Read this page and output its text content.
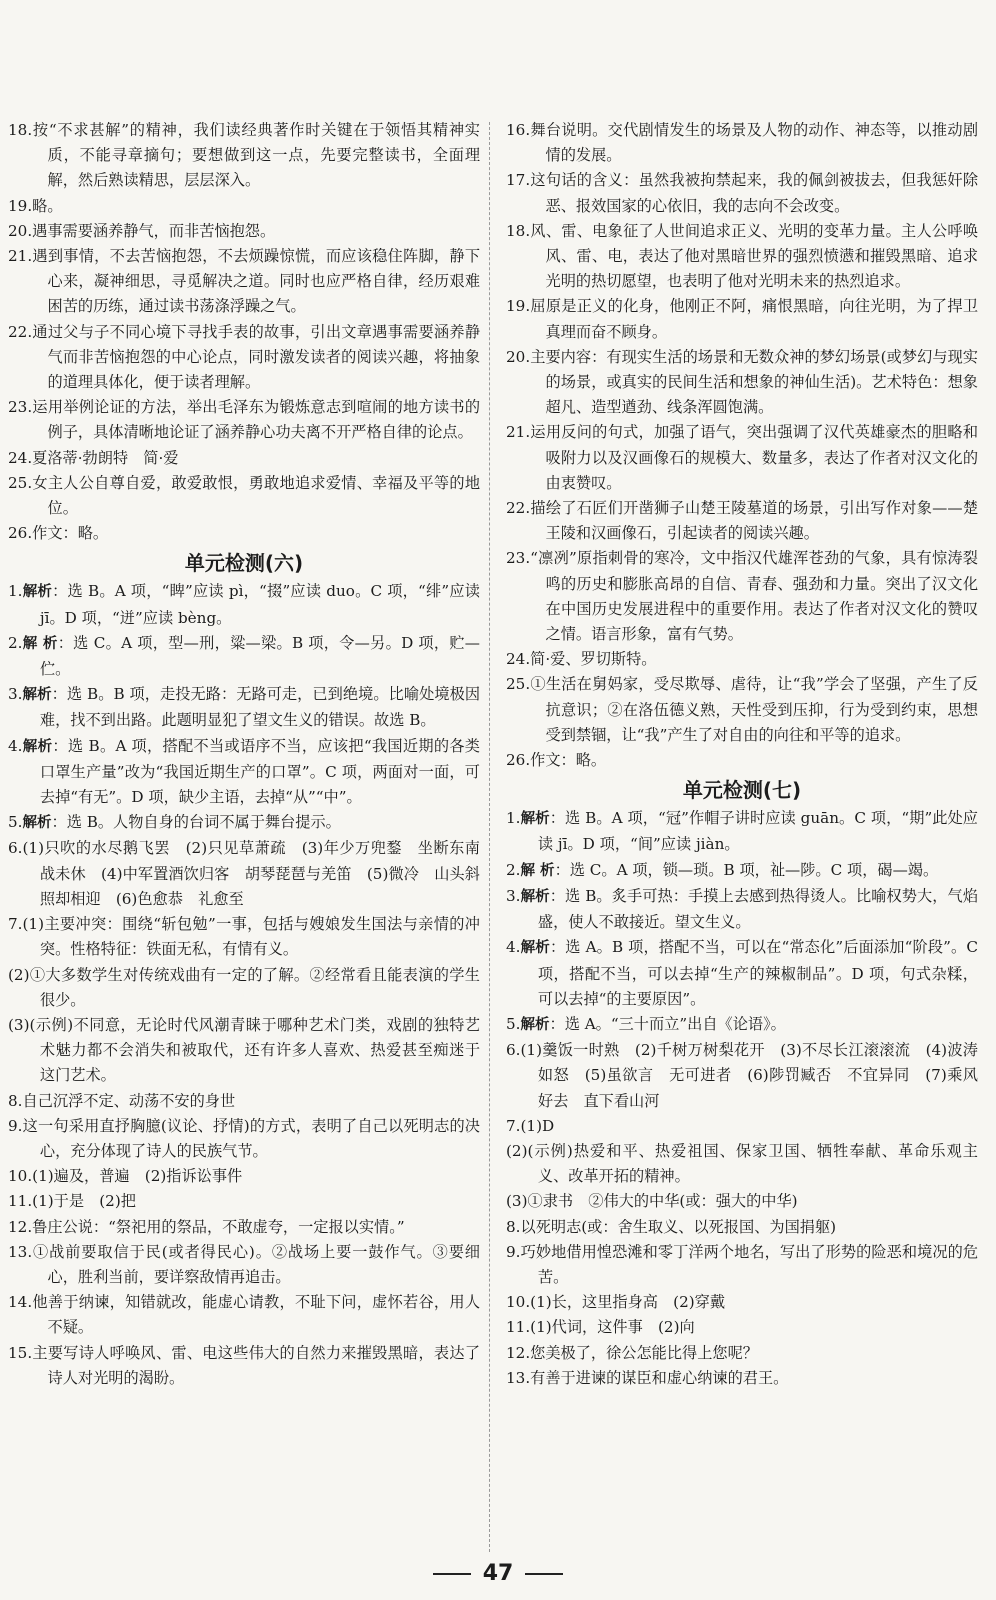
18.按“不求甚解”的精神，我们读经典著作时关键在于领悟其精神实质，不能寻章摘句；要想做到这一点，先要完整读书，全面理解，然后熟读精思，层层深入。

19.略。

20.遇事需要涵养静气，而非苦恼抱怨。

21.遇到事情，不去苦恼抱怨，不去烦躁惊慌，而应该稳住阵脚，静下心来，凝神细思，寻觅解决之道。同时也应严格自律，经历艰难困苦的历练，通过读书荡涤浮躁之气。

22.通过父与子不同心境下寻找手表的故事，引出文章遇事需要涵养静气而非苦恼抱怨的中心论点，同时激发读者的阅读兴趣，将抽象的道理具体化，便于读者理解。

23.运用举例论证的方法，举出毛泽东为锻炼意志到喧闹的地方读书的例子，具体清晰地论证了涵养静心功夫离不开严格自律的论点。

24.夏洛蒂·勃朗特　简·爱

25.女主人公自尊自爱，敢爱敢恨，勇敢地追求爱情、幸福及平等的地位。

26.作文：略。

单元检测(六)

1.解析：选 B。A 项，“睥”应读 pì，“掇”应读 duo。C 项，“绯”应读 jī。D 项，“迸”应读 bèng。

2.解 析：选 C。A 项，型—刑，粱—梁。B 项，令—另。D 项，贮—伫。

3.解析：选 B。B 项，走投无路：无路可走，已到绝境。比喻处境极因难，找不到出路。此题明显犯了望文生义的错误。故选 B。

4.解析：选 B。A 项，搭配不当或语序不当，应该把“我国近期的各类口罩生产量”改为“我国近期生产的口罩”。C 项，两面对一面，可去掉“有无”。D 项，缺少主语，去掉“从”“中”。

5.解析：选 B。人物自身的台词不属于舞台提示。

6.(1)只吹的水尽鹅飞罢　(2)只见草萧疏　(3)年少万兜鍪　坐断东南战未休　(4)中军置酒饮归客　胡琴琵琶与羌笛　(5)微冷　山头斜照却相迎　(6)色愈恭　礼愈至

7.(1)主要冲突：围绕“斩包勉”一事，包括与嫂娘发生国法与亲情的冲突。性格特征：铁面无私，有情有义。

(2)①大多数学生对传统戏曲有一定的了解。②经常看且能表演的学生很少。

(3)(示例)不同意，无论时代风潮青睐于哪种艺术门类，戏剧的独特艺术魅力都不会消失和被取代，还有许多人喜欢、热爱甚至痴迷于这门艺术。

8.自己沉浮不定、动荡不安的身世

9.这一句采用直抒胸臆(议论、抒情)的方式，表明了自己以死明志的决心，充分体现了诗人的民族气节。

10.(1)遍及，普遍　(2)指诉讼事件

11.(1)于是　(2)把

12.鲁庄公说：“祭祀用的祭品，不敢虚夸，一定报以实情。”

13.①战前要取信于民(或者得民心)。②战场上要一鼓作气。③要细心，胜利当前，要详察敌情再追击。

14.他善于纳谏，知错就改，能虚心请教，不耻下问，虚怀若谷，用人不疑。

15.主要写诗人呼唤风、雷、电这些伟大的自然力来摧毁黑暗，表达了诗人对光明的渴盼。

16.舞台说明。交代剧情发生的场景及人物的动作、神态等，以推动剧情的发展。

17.这句话的含义：虽然我被拘禁起来，我的佩剑被拔去，但我惩奸除恶、报效国家的心依旧，我的志向不会改变。

18.风、雷、电象征了人世间追求正义、光明的变革力量。主人公呼唤风、雷、电，表达了他对黑暗世界的强烈愤懑和摧毁黑暗、追求光明的热切愿望，也表明了他对光明未来的热烈追求。

19.屈原是正义的化身，他刚正不阿，痛恨黑暗，向往光明，为了捍卫真理而奋不顾身。

20.主要内容：有现实生活的场景和无数众神的梦幻场景(或梦幻与现实的场景，或真实的民间生活和想象的神仙生活)。艺术特色：想象超凡、造型遒劲、线条浑圆饱满。

21.运用反问的句式，加强了语气，突出强调了汉代英雄豪杰的胆略和吸附力以及汉画像石的规模大、数量多，表达了作者对汉文化的由衷赞叹。

22.描绘了石匠们开凿狮子山楚王陵墓道的场景，引出写作对象——楚王陵和汉画像石，引起读者的阅读兴趣。

23.“凛冽”原指刺骨的寒冷，文中指汉代雄浑苍劲的气象，具有惊涛裂鸣的历史和膨胀高昂的自信、青春、强劲和力量。突出了汉文化在中国历史发展进程中的重要作用。表达了作者对汉文化的赞叹之情。语言形象，富有气势。

24.简·爱、罗切斯特。

25.①生活在舅妈家，受尽欺辱、虐待，让“我”学会了坚强，产生了反抗意识；②在洛伍德义熟，天性受到压抑，行为受到约束，思想受到禁锢，让“我”产生了对自由的向往和平等的追求。

26.作文：略。

单元检测(七)

1.解析：选 B。A 项，“冠”作帽子讲时应读 guān。C 项，“期”此处应读 jī。D 项，“间”应读 jiàn。

2.解 析：选 C。A 项，锁—琐。B 项，祉—陟。C 项，碣—竭。

3.解析：选 B。炙手可热：手摸上去感到热得烫人。比喻权势大，气焰盛，使人不敢接近。望文生义。

4.解析：选 A。B 项，搭配不当，可以在“常态化”后面添加“阶段”。C 项，搭配不当，可以去掉“生产的辣椒制品”。D 项，句式杂糅，可以去掉“的主要原因”。

5.解析：选 A。“三十而立”出自《论语》。

6.(1)羹饭一时熟　(2)千树万树梨花开　(3)不尽长江滚滚流　(4)波涛如怒　(5)虽欲言　无可进者　(6)陟罚臧否　不宜异同　(7)乘风好去　直下看山河

7.(1)D

(2)(示例)热爱和平、热爱祖国、保家卫国、牺牲奉献、革命乐观主义、改革开拓的精神。

(3)①隶书　②伟大的中华(或：强大的中华)

8.以死明志(或：舍生取义、以死报国、为国捐躯)

9.巧妙地借用惶恐滩和零丁洋两个地名，写出了形势的险恶和境况的危苦。

10.(1)长，这里指身高　(2)穿戴

11.(1)代词，这件事　(2)向

12.您美极了，徐公怎能比得上您呢？

13.有善于进谏的谋臣和虚心纳谏的君王。

47
